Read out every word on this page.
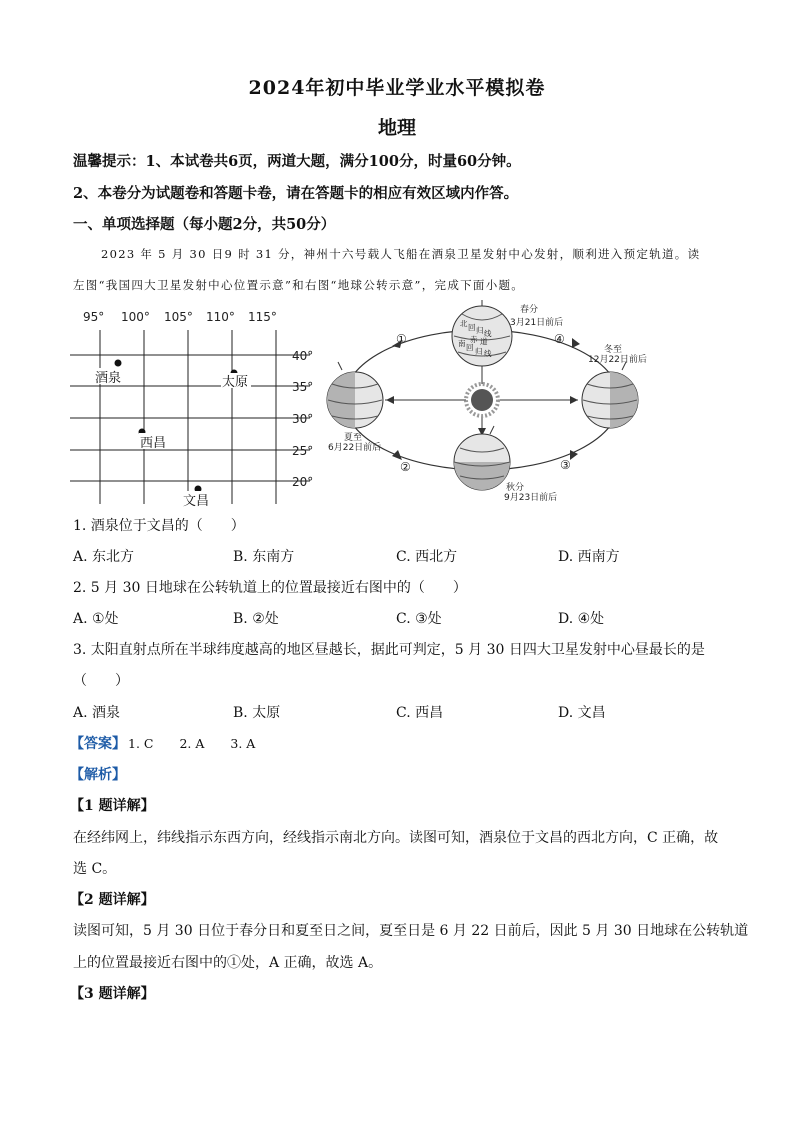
2024年初中毕业学业水平模拟卷
地理
温馨提示：1、本试卷共6页，两道大题，满分100分，时量60分钟。
2、本卷分为试题卷和答题卡卷，请在答题卡的相应有效区域内作答。
一、单项选择题（每小题2分，共50分）
2023 年 5 月 30 日9 时 31 分，神州十六号载人飞船在酒泉卫星发射中心发射，顺利进入预定轨道。读
左图“我国四大卫星发射中心位置示意”和右图“地球公转示意”，完成下面小题。
95° 100° 105° 110° 115°
40°
35°
30°
25°
20°
酒泉	太原
西昌
文昌
北 回 归 线
赤 道
南 回 归 线
春分
3月21日前后
冬至
12月22日前后
夏至
6月22日前后
秋分
9月23日前后
①
②	③
④
1. 酒泉位于文昌的（　　）
A. 东北方	B. 东南方	C. 西北方	D. 西南方
2. 5 月 30 日地球在公转轨道上的位置最接近右图中的（　　）
A. ①处	B. ②处	C. ③处	D. ④处
3. 太阳直射点所在半球纬度越高的地区昼越长，据此可判定，5 月 30 日四大卫星发射中心昼最长的是
（　　）
A. 酒泉	B. 太原	C. 西昌	D. 文昌
【答案】 1. C 2. A 3. A
【解析】
【1 题详解】
在经纬网上，纬线指示东西方向，经线指示南北方向。读图可知，酒泉位于文昌的西北方向，C 正确，故
选 C。
【2 题详解】
读图可知，5 月 30 日位于春分日和夏至日之间，夏至日是 6 月 22 日前后，因此 5 月 30 日地球在公转轨道
上的位置最接近右图中的①处，A 正确，故选 A。
【3 题详解】
